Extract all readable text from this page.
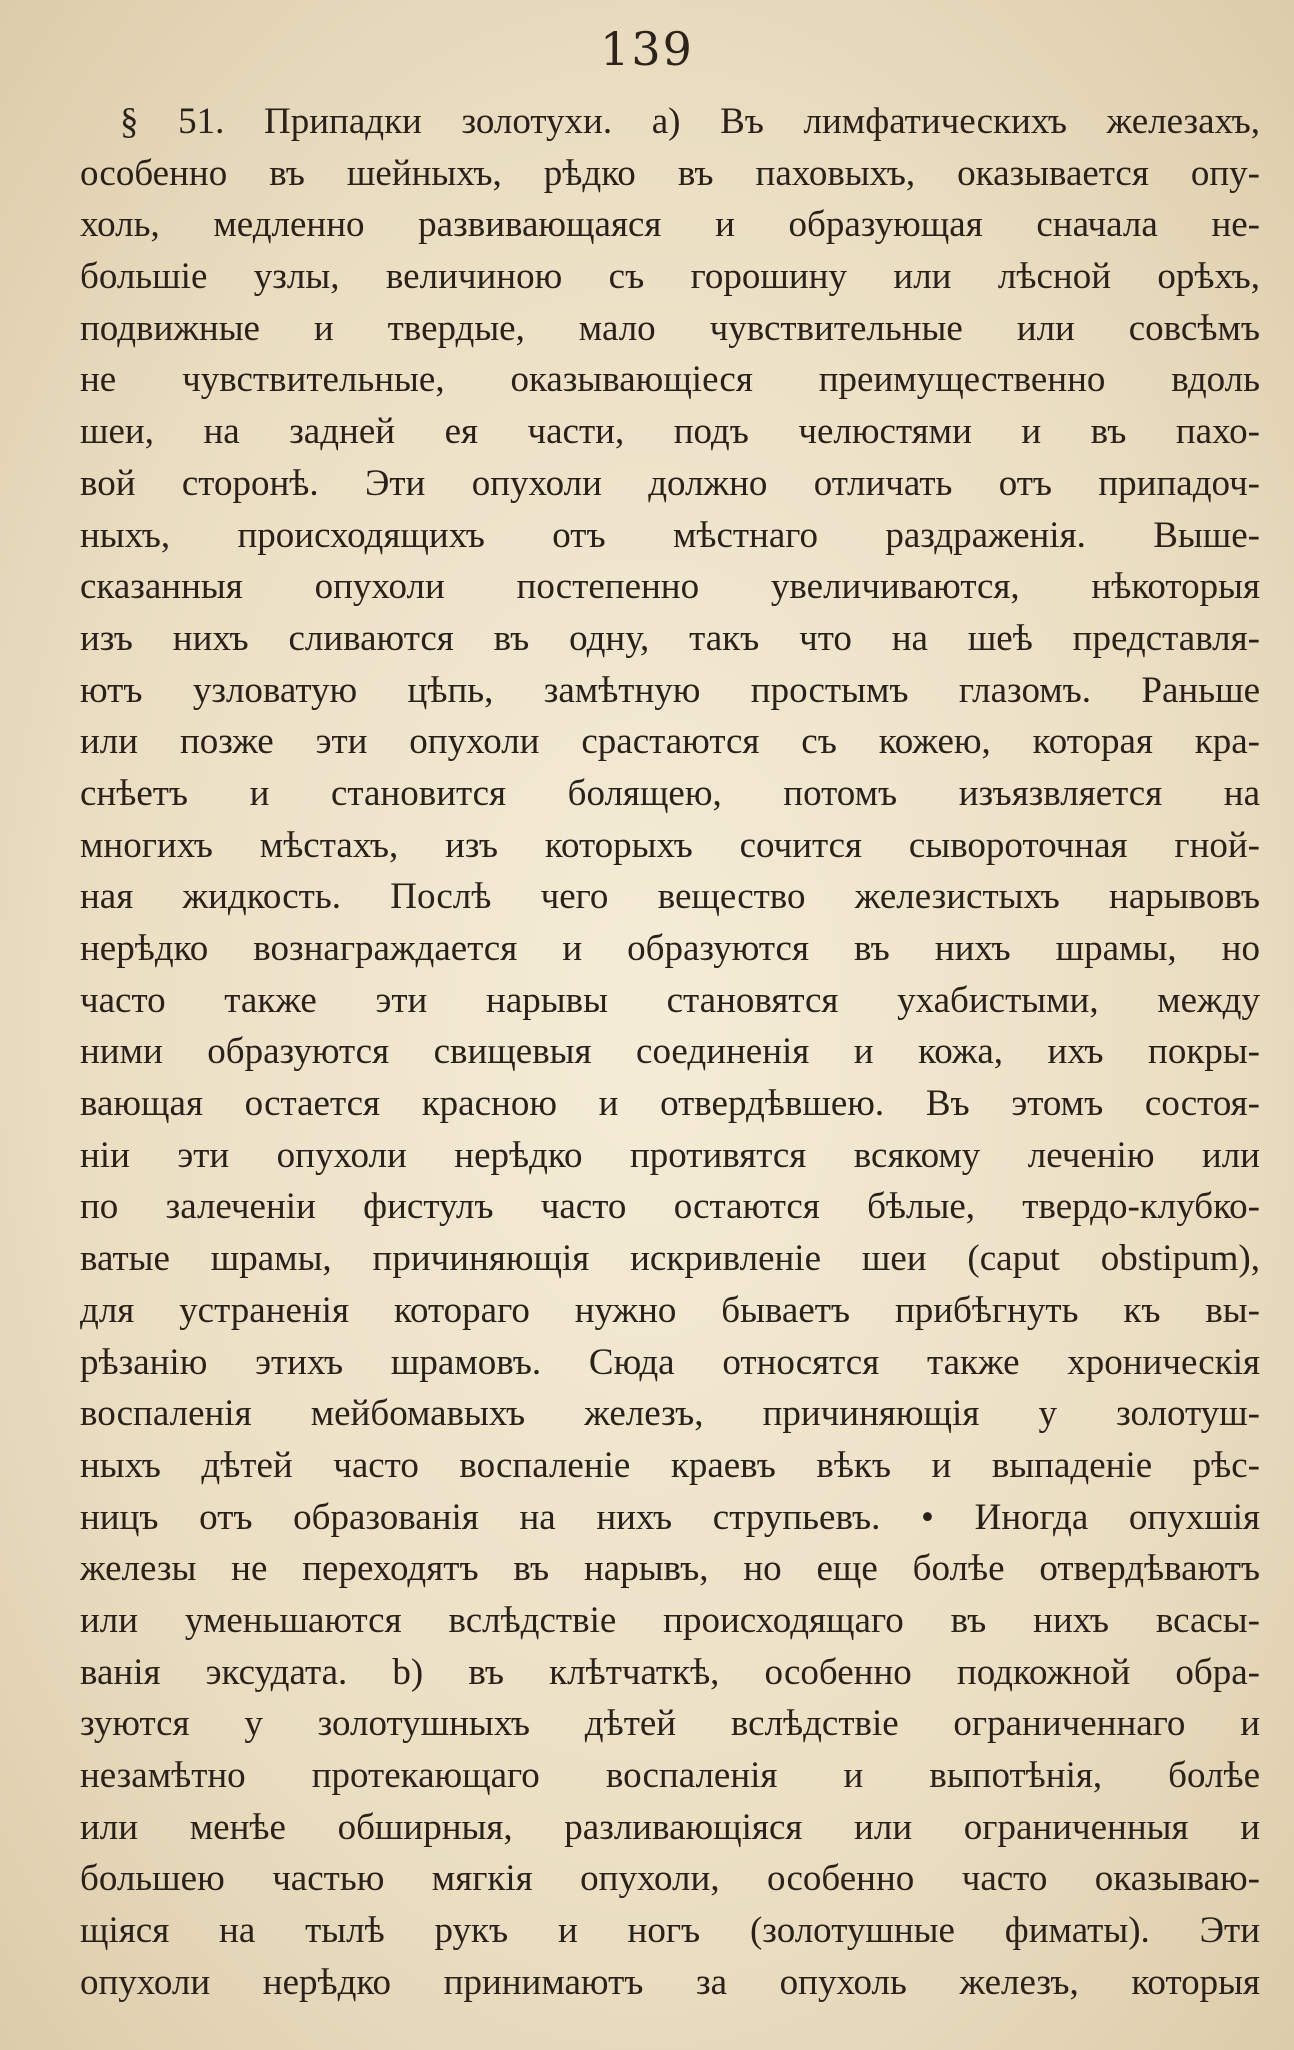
139
§ 51. Припадки золотухи. a) Въ лимфатическихъ железахъ,
особенно въ шейныхъ, рѣдко въ паховыхъ, оказывается опу-
холь, медленно развивающаяся и образующая сначала не-
большіе узлы, величиною съ горошину или лѣсной орѣхъ,
подвижные и твердые, мало чувствительные или совсѣмъ
не чувствительные, оказывающіеся преимущественно вдоль
шеи, на задней ея части, подъ челюстями и въ пахо-
вой сторонѣ. Эти опухоли должно отличать отъ припадоч-
ныхъ, происходящихъ отъ мѣстнаго раздраженія. Выше-
сказанныя опухоли постепенно увеличиваются, нѣкоторыя
изъ нихъ сливаются въ одну, такъ что на шеѣ представля-
ютъ узловатую цѣпь, замѣтную простымъ глазомъ. Раньше
или позже эти опухоли срастаются съ кожею, которая кра-
снѣетъ и становится болящею, потомъ изъязвляется на
многихъ мѣстахъ, изъ которыхъ сочится сывороточная гной-
ная жидкость. Послѣ чего вещество железистыхъ нарывовъ
нерѣдко вознаграждается и образуются въ нихъ шрамы, но
часто также эти нарывы становятся ухабистыми, между
ними образуются свищевыя соединенія и кожа, ихъ покры-
вающая остается красною и отвердѣвшею. Въ этомъ состоя-
ніи эти опухоли нерѣдко противятся всякому леченію или
по залеченіи фистулъ часто остаются бѣлые, твердо-клубко-
ватые шрамы, причиняющія искривленіе шеи (caput obstipum),
для устраненія котораго нужно бываетъ прибѣгнуть къ вы-
рѣзанію этихъ шрамовъ. Сюда относятся также хроническія
воспаленія мейбомавыхъ железъ, причиняющія у золотуш-
ныхъ дѣтей часто воспаленіе краевъ вѣкъ и выпаденіе рѣс-
ницъ отъ образованія на нихъ струпьевъ. • Иногда опухшія
железы не переходятъ въ нарывъ, но еще болѣе отвердѣваютъ
или уменьшаются вслѣдствіе происходящаго въ нихъ всасы-
ванія эксудата. b) въ клѣтчаткѣ, особенно подкожной обра-
зуются у золотушныхъ дѣтей вслѣдствіе ограниченнаго и
незамѣтно протекающаго воспаленія и выпотѣнія, болѣе
или менѣе обширныя, разливающіяся или ограниченныя и
большею частью мягкія опухоли, особенно часто оказываю-
щіяся на тылѣ рукъ и ногъ (золотушные фиматы). Эти
опухоли нерѣдко принимаютъ за опухоль железъ, которыя
